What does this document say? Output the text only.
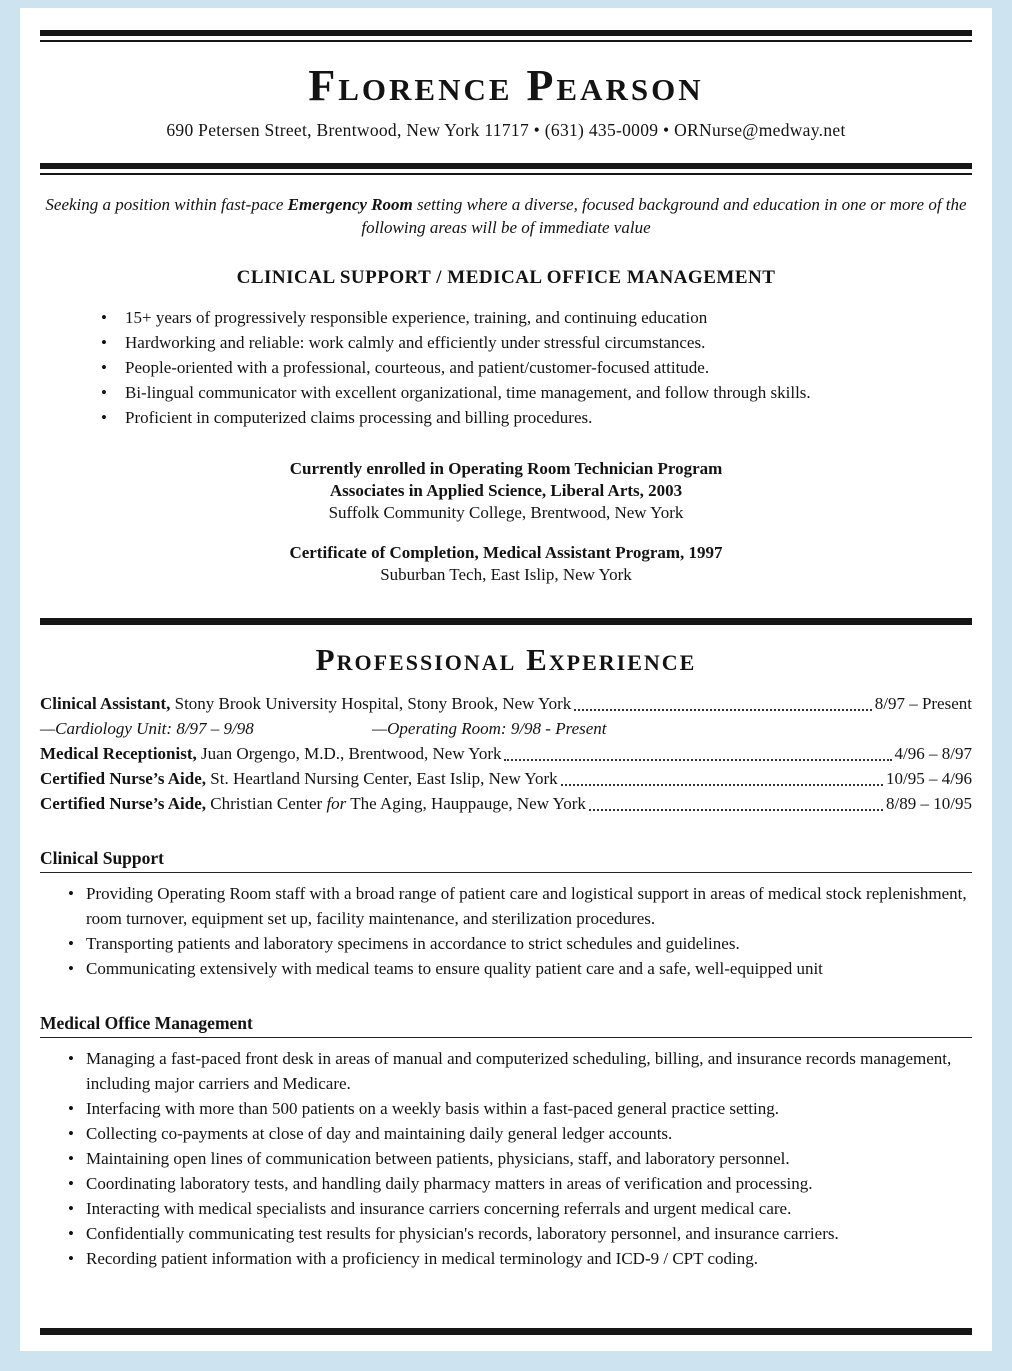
Florence Pearson
690 Petersen Street, Brentwood, New York 11717 • (631) 435-0009 • ORNurse@medway.net
Seeking a position within fast-pace Emergency Room setting where a diverse, focused background and education in one or more of the following areas will be of immediate value
CLINICAL SUPPORT / MEDICAL OFFICE MANAGEMENT
• 15+ years of progressively responsible experience, training, and continuing education
• Hardworking and reliable: work calmly and efficiently under stressful circumstances.
• People-oriented with a professional, courteous, and patient/customer-focused attitude.
• Bi-lingual communicator with excellent organizational, time management, and follow through skills.
• Proficient in computerized claims processing and billing procedures.
Currently enrolled in Operating Room Technician Program
Associates in Applied Science, Liberal Arts, 2003
Suffolk Community College, Brentwood, New York
Certificate of Completion, Medical Assistant Program, 1997
Suburban Tech, East Islip, New York
Professional Experience
Clinical Assistant, Stony Brook University Hospital, Stony Brook, New York	8/97 – Present
—Cardiology Unit: 8/97 – 9/98	—Operating Room: 9/98 - Present
Medical Receptionist, Juan Orgengo, M.D., Brentwood, New York	4/96 – 8/97
Certified Nurse’s Aide, St. Heartland Nursing Center, East Islip, New York	10/95 – 4/96
Certified Nurse’s Aide, Christian Center for The Aging, Hauppauge, New York	8/89 – 10/95
Clinical Support
• Providing Operating Room staff with a broad range of patient care and logistical support in areas of medical stock replenishment, room turnover, equipment set up, facility maintenance, and sterilization procedures.
• Transporting patients and laboratory specimens in accordance to strict schedules and guidelines.
• Communicating extensively with medical teams to ensure quality patient care and a safe, well-equipped unit
Medical Office Management
• Managing a fast-paced front desk in areas of manual and computerized scheduling, billing, and insurance records management, including major carriers and Medicare.
• Interfacing with more than 500 patients on a weekly basis within a fast-paced general practice setting.
• Collecting co-payments at close of day and maintaining daily general ledger accounts.
• Maintaining open lines of communication between patients, physicians, staff, and laboratory personnel.
• Coordinating laboratory tests, and handling daily pharmacy matters in areas of verification and processing.
• Interacting with medical specialists and insurance carriers concerning referrals and urgent medical care.
• Confidentially communicating test results for physician's records, laboratory personnel, and insurance carriers.
• Recording patient information with a proficiency in medical terminology and ICD-9 / CPT coding.
